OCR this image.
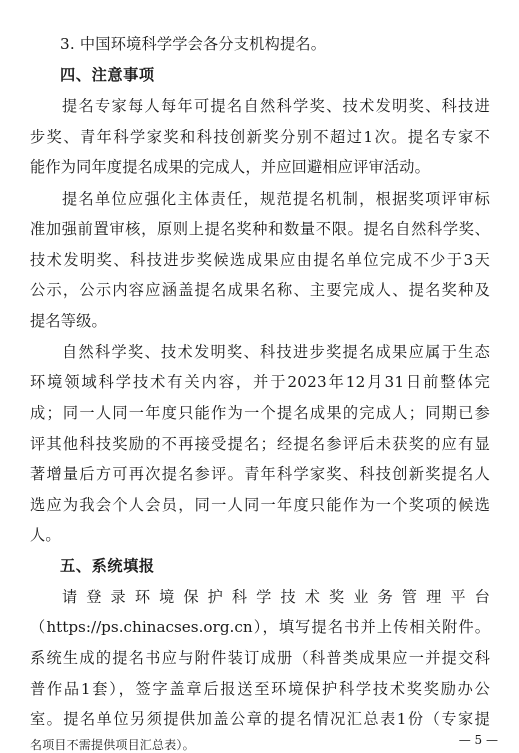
3. 中国环境科学学会各分支机构提名。
四、注意事项
提名专家每人每年可提名自然科学奖、技术发明奖、科技进
步奖、青年科学家奖和科技创新奖分别不超过1次。提名专家不
能作为同年度提名成果的完成人，并应回避相应评审活动。
提名单位应强化主体责任，规范提名机制，根据奖项评审标
准加强前置审核，原则上提名奖种和数量不限。提名自然科学奖、
技术发明奖、科技进步奖候选成果应由提名单位完成不少于3天
公示，公示内容应涵盖提名成果名称、主要完成人、提名奖种及
提名等级。
自然科学奖、技术发明奖、科技进步奖提名成果应属于生态
环境领域科学技术有关内容，并于2023年12月31日前整体完
成；同一人同一年度只能作为一个提名成果的完成人；同期已参
评其他科技奖励的不再接受提名；经提名参评后未获奖的应有显
著增量后方可再次提名参评。青年科学家奖、科技创新奖提名人
选应为我会个人会员，同一人同一年度只能作为一个奖项的候选
人。
五、系统填报
请 登 录 环 境 保 护 科 学 技 术 奖 业 务 管 理 平 台
（https://ps.chinacses.org.cn），填写提名书并上传相关附件。
系统生成的提名书应与附件装订成册（科普类成果应一并提交科
普作品1套），签字盖章后报送至环境保护科学技术奖奖励办公
室。提名单位另须提供加盖公章的提名情况汇总表1份（专家提
名项目不需提供项目汇总表）。	— 5 —
